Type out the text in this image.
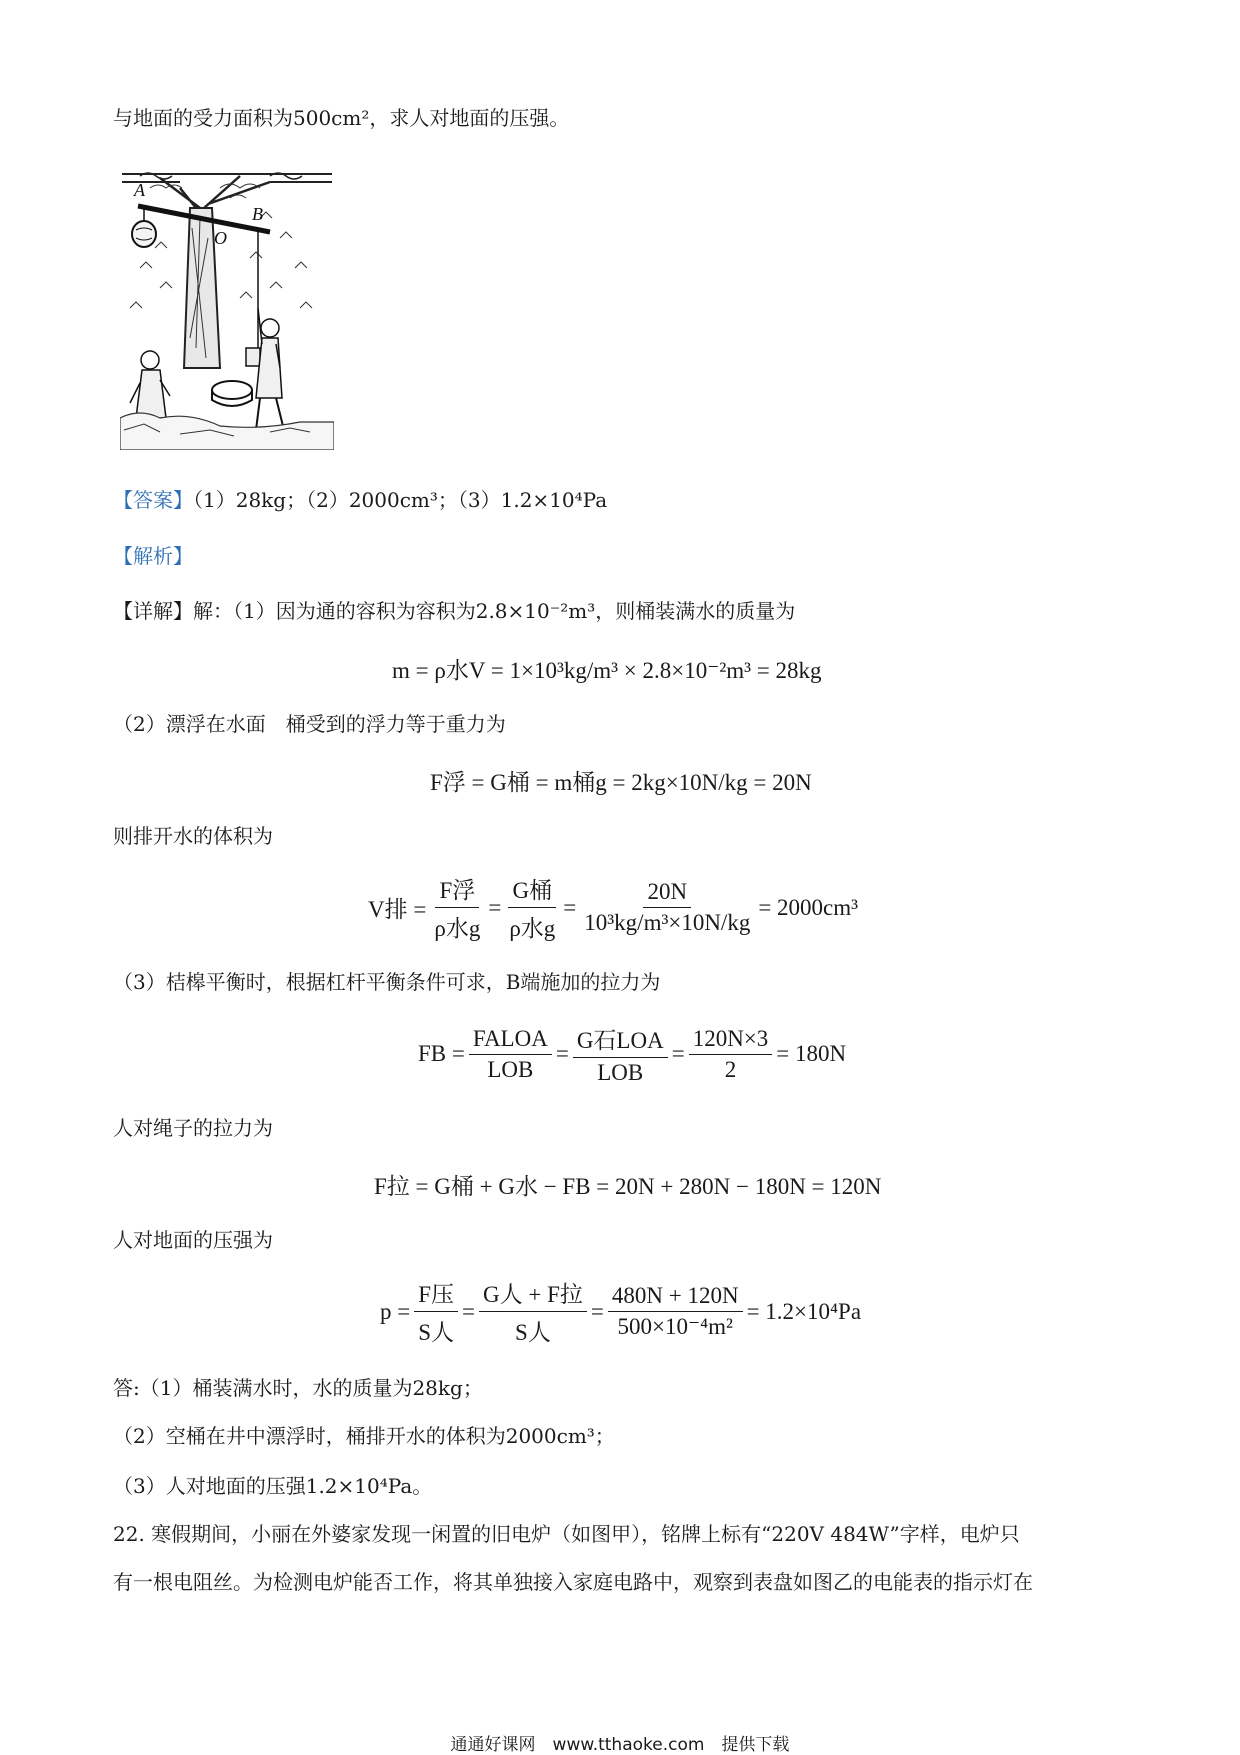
与地面的受力面积为500cm²，求人对地面的压强。
A
B
O
【答案】（1）28kg；（2）2000cm³；（3）1.2×10⁴Pa
【解析】
【详解】解：（1）因为通的容积为容积为2.8×10⁻²m³，则桶装满水的质量为
m = ρ水V = 1×10³kg/m³ × 2.8×10⁻²m³ = 28kg
（2）漂浮在水面　桶受到的浮力等于重力为
F浮 = G桶 = m桶g = 2kg×10N/kg = 20N
则排开水的体积为
V排 = $\frac{\text{F浮}}{\text{ρ水g}} = \frac{\text{G桶}}{\text{ρ水g}} = \frac{20N}{\text{10³kg/m³×10N/kg}} = 2000cm^3$
（3）桔槔平衡时，根据杠杆平衡条件可求，B端施加的拉力为
FB = $\frac{\text{FALOA}}{\text{LOB}} = \frac{\text{G石LOA}}{\text{LOB}} = \frac{120N\times 3}{2} = 180N$
人对绳子的拉力为
F拉 = G桶 + G水 − FB = 20N + 280N − 180N = 120N
人对地面的压强为
$p = \frac{\text{F压}}{\text{S人}} = \frac{\text{G人 + F拉}}{\text{S人}} = \frac{480N + 120N}{\text{500×10⁻⁴m²}} = 1.2\times 10^4Pa$
答:（1）桶装满水时，水的质量为28kg；
（2）空桶在井中漂浮时，桶排开水的体积为2000cm³；
（3）人对地面的压强1.2×10⁴Pa。
22. 寒假期间，小丽在外婆家发现一闲置的旧电炉（如图甲），铭牌上标有“220V 484W”字样，电炉只
有一根电阻丝。为检测电炉能否工作，将其单独接入家庭电路中，观察到表盘如图乙的电能表的指示灯在
通通好课网　www.tthaoke.com　提供下载
